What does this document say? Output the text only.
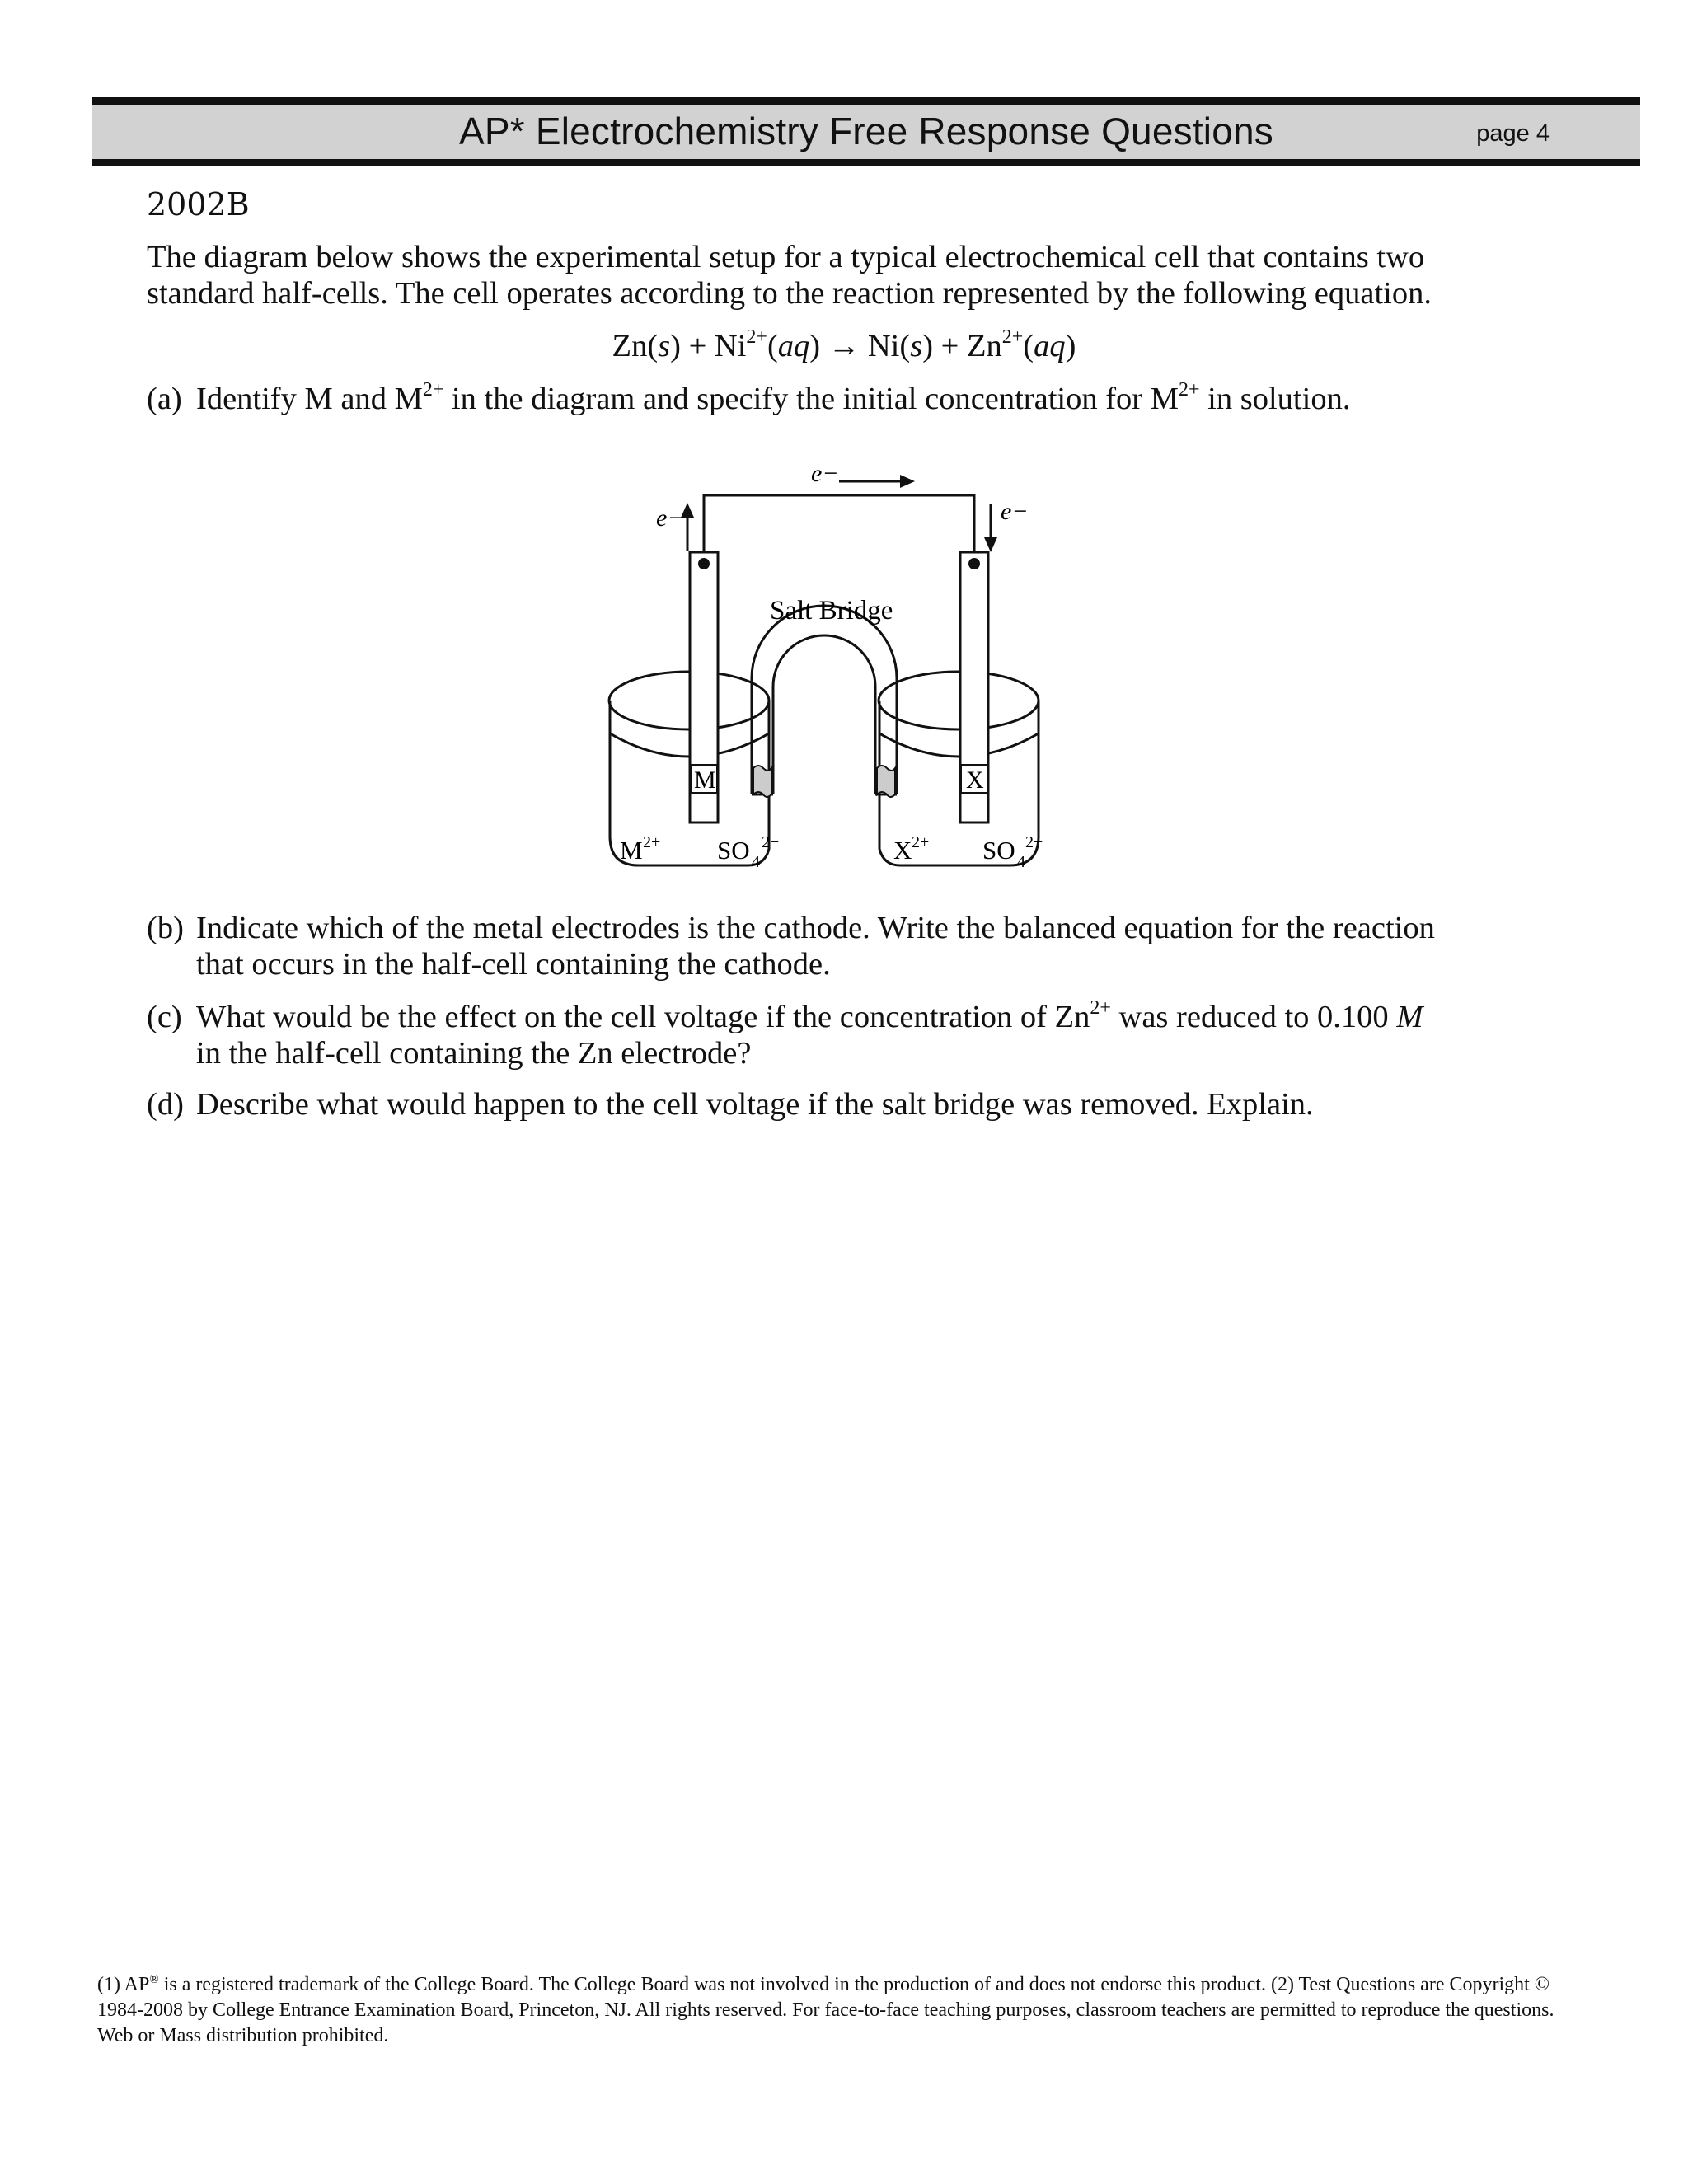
AP* Electrochemistry Free Response Questions	page 4
2002B
The diagram below shows the experimental setup for a typical electrochemical cell that contains two
standard half-cells. The cell operates according to the reaction represented by the following equation.
$Zn(s) + Ni^{2+}(aq) \to Ni(s) + Zn^{2+}(aq)$
(a) Identify M and $M^{2+}$ in the diagram and specify the initial concentration for $M^{2+}$ in solution.
e−
e−	e−
Salt Bridge
M	X
M 2+ SO 4
2−	X 2+ SO 4
2−
(b) Indicate which of the metal electrodes is the cathode. Write the balanced equation for the reaction
that occurs in the half-cell containing the cathode.
(c) What would be the effect on the cell voltage if the concentration of $Zn^{2+}$ was reduced to 0.100 M
in the half-cell containing the Zn electrode?
(d) Describe what would happen to the cell voltage if the salt bridge was removed. Explain.
(1) AP® is a registered trademark of the College Board. The College Board was not involved in the production of and does not endorse this product. (2) Test Questions are Copyright © 1984-2008 by College Entrance Examination Board, Princeton, NJ. All rights reserved. For face-to-face teaching purposes, classroom teachers are permitted to reproduce the questions. Web or Mass distribution prohibited.
